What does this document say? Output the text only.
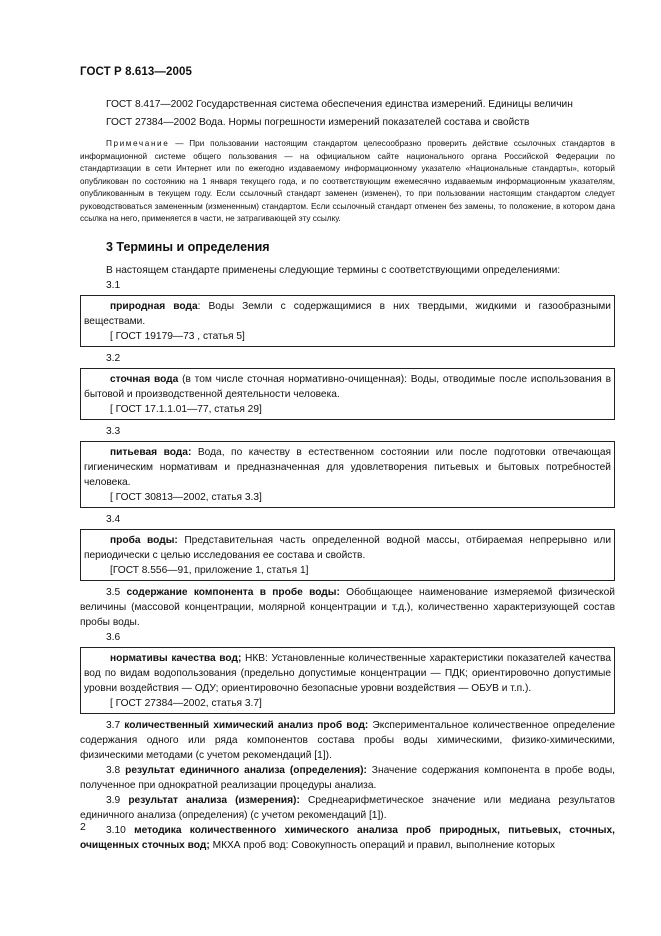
ГОСТ Р 8.613—2005

ГОСТ 8.417—2002 Государственная система обеспечения единства измерений. Единицы величин

ГОСТ 27384—2002 Вода. Нормы погрешности измерений показателей состава и свойств

Примечание — При пользовании настоящим стандартом целесообразно проверить действие ссылочных стандартов в информационной системе общего пользования — на официальном сайте национального органа Российской Федерации по стандартизации в сети Интернет или по ежегодно издаваемому информационному указателю «Национальные стандарты», который опубликован по состоянию на 1 января текущего года, и по соответствующим ежемесячно издаваемым информационным указателям, опубликованным в текущем году. Если ссылочный стандарт заменен (изменен), то при пользовании настоящим стандартом следует руководствоваться замененным (измененным) стандартом. Если ссылочный стандарт отменен без замены, то положение, в котором дана ссылка на него, применяется в части, не затрагивающей эту ссылку.

3 Термины и определения

В настоящем стандарте применены следующие термины с соответствующими определениями:

3.1

природная вода: Воды Земли с содержащимися в них твердыми, жидкими и газообразными веществами.

[ ГОСТ 19179—73 , статья 5]
3.2

сточная вода (в том числе сточная нормативно-очищенная): Воды, отводимые после использования в бытовой и производственной деятельности человека.

[ ГОСТ 17.1.1.01—77, статья 29]
3.3

питьевая вода: Вода, по качеству в естественном состоянии или после подготовки отвечающая гигиеническим нормативам и предназначенная для удовлетворения питьевых и бытовых потребностей человека.

[ ГОСТ 30813—2002, статья 3.3]
3.4

проба воды: Представительная часть определенной водной массы, отбираемая непрерывно или периодически с целью исследования ее состава и свойств.

[ГОСТ 8.556—91, приложение 1, статья 1]

3.5 содержание компонента в пробе воды: Обобщающее наименование измеряемой физической величины (массовой концентрации, молярной концентрации и т.д.), количественно характеризующей состав пробы воды.

3.6

нормативы качества вод; НКВ: Установленные количественные характеристики показателей качества вод по видам водопользования (предельно допустимые концентрации — ПДК; ориентировочно допустимые уровни воздействия — ОДУ; ориентировочно безопасные уровни воздействия — ОБУВ и т.п.).

[ ГОСТ 27384—2002, статья 3.7]

3.7 количественный химический анализ проб вод: Экспериментальное количественное определение содержания одного или ряда компонентов состава пробы воды химическими, физико-химическими, физическими методами (с учетом рекомендаций [1]).

3.8 результат единичного анализа (определения): Значение содержания компонента в пробе воды, полученное при однократной реализации процедуры анализа.

3.9 результат анализа (измерения): Среднеарифметическое значение или медиана результатов единичного анализа (определения) (с учетом рекомендаций [1]).

3.10 методика количественного химического анализа проб природных, питьевых, сточных, очищенных сточных вод; МКХА проб вод: Совокупность операций и правил, выполнение которых

2
